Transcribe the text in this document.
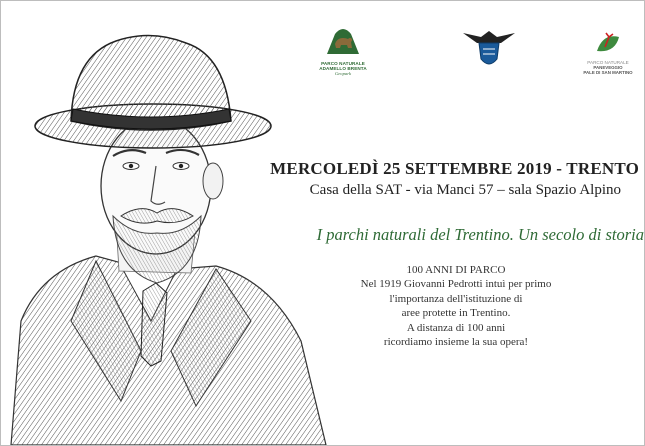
PARCO NATURALE
ADAMELLO BRENTA
Geopark
PARCO NATURALE
PANEVEGGIO
PALE DI SAN MARTINO
MERCOLEDÌ 25 SETTEMBRE 2019 - TRENTO
Casa della SAT - via Manci 57 – sala Spazio Alpino
I parchi naturali del Trentino. Un secolo di storia
100 ANNI DI PARCO
Nel 1919 Giovanni Pedrotti intuì per primo
l'importanza dell'istituzione di
aree protette in Trentino.
A distanza di 100 anni
ricordiamo insieme la sua opera!
